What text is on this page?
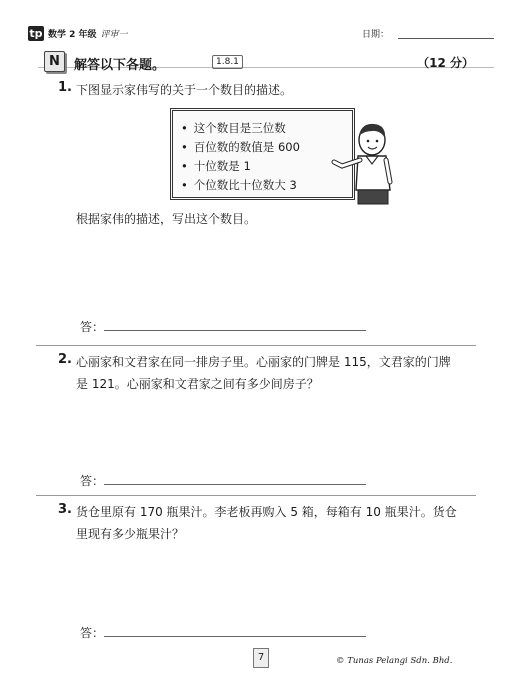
tp 数学 2 年级 评审一	日期：
N	解答以下各题。	1.8.1	（12 分）
1. 下图显示家伟写的关于一个数目的描述。
• 这个数目是三位数
• 百位数的数值是 600
• 十位数是 1
• 个位数比十位数大 3
根据家伟的描述，写出这个数目。
答：
2. 心丽家和文君家在同一排房子里。心丽家的门牌是 115，文君家的门牌
是 121。心丽家和文君家之间有多少间房子？
答：
3. 货仓里原有 170 瓶果汁。李老板再购入 5 箱，每箱有 10 瓶果汁。货仓
里现有多少瓶果汁？
答：
7	© Tunas Pelangi Sdn. Bhd.
